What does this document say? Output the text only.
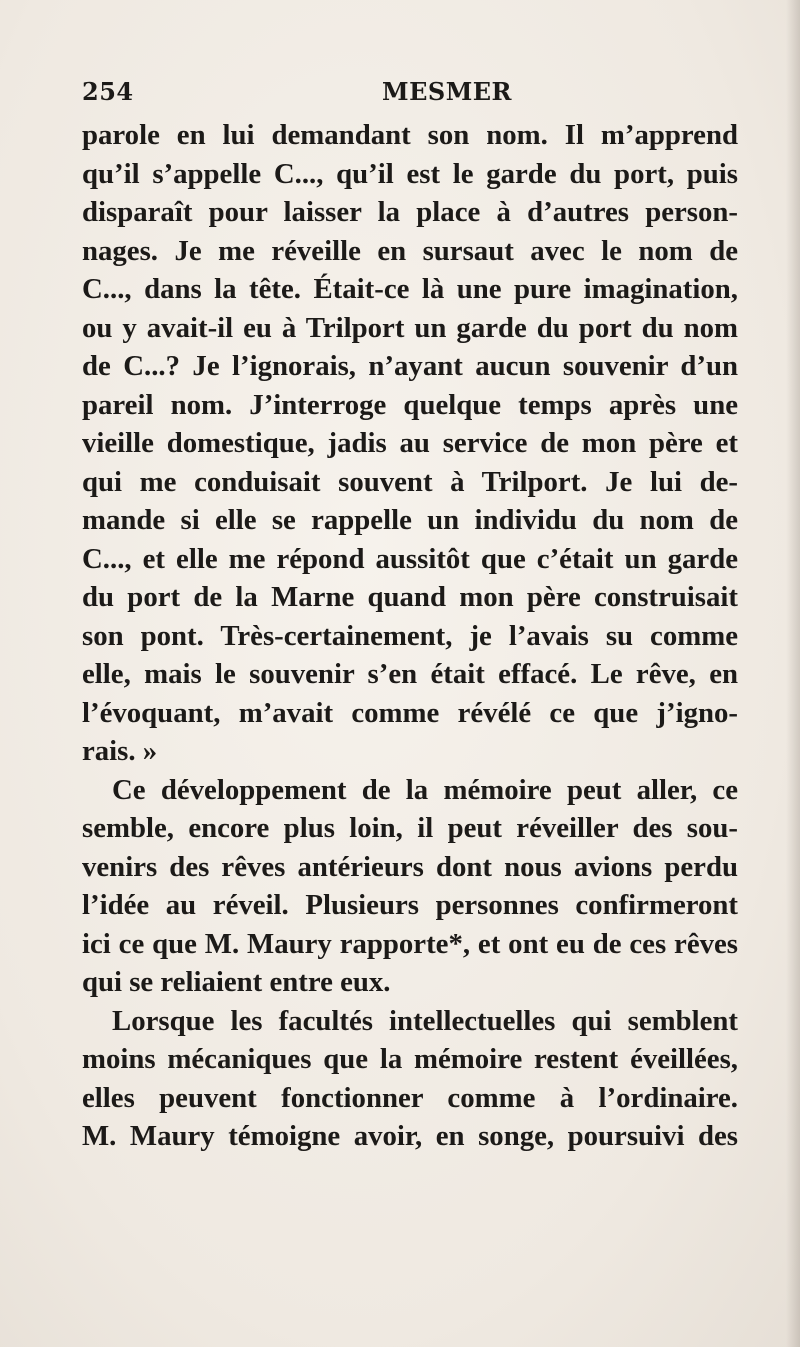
254	MESMER
parole en lui demandant son nom. Il m’apprend
qu’il s’appelle C..., qu’il est le garde du port, puis
disparaît pour laisser la place à d’autres person-
nages. Je me réveille en sursaut avec le nom de
C..., dans la tête. Était-ce là une pure imagination,
ou y avait-il eu à Trilport un garde du port du nom
de C...? Je l’ignorais, n’ayant aucun souvenir d’un
pareil nom. J’interroge quelque temps après une
vieille domestique, jadis au service de mon père et
qui me conduisait souvent à Trilport. Je lui de-
mande si elle se rappelle un individu du nom de
C..., et elle me répond aussitôt que c’était un garde
du port de la Marne quand mon père construisait
son pont. Très-certainement, je l’avais su comme
elle, mais le souvenir s’en était effacé. Le rêve, en
l’évoquant, m’avait comme révélé ce que j’igno-
rais. »
Ce développement de la mémoire peut aller, ce
semble, encore plus loin, il peut réveiller des sou-
venirs des rêves antérieurs dont nous avions perdu
l’idée au réveil. Plusieurs personnes confirmeront
ici ce que M. Maury rapporte*, et ont eu de ces rêves
qui se reliaient entre eux.
Lorsque les facultés intellectuelles qui semblent
moins mécaniques que la mémoire restent éveillées,
elles peuvent fonctionner comme à l’ordinaire.
M. Maury témoigne avoir, en songe, poursuivi des
